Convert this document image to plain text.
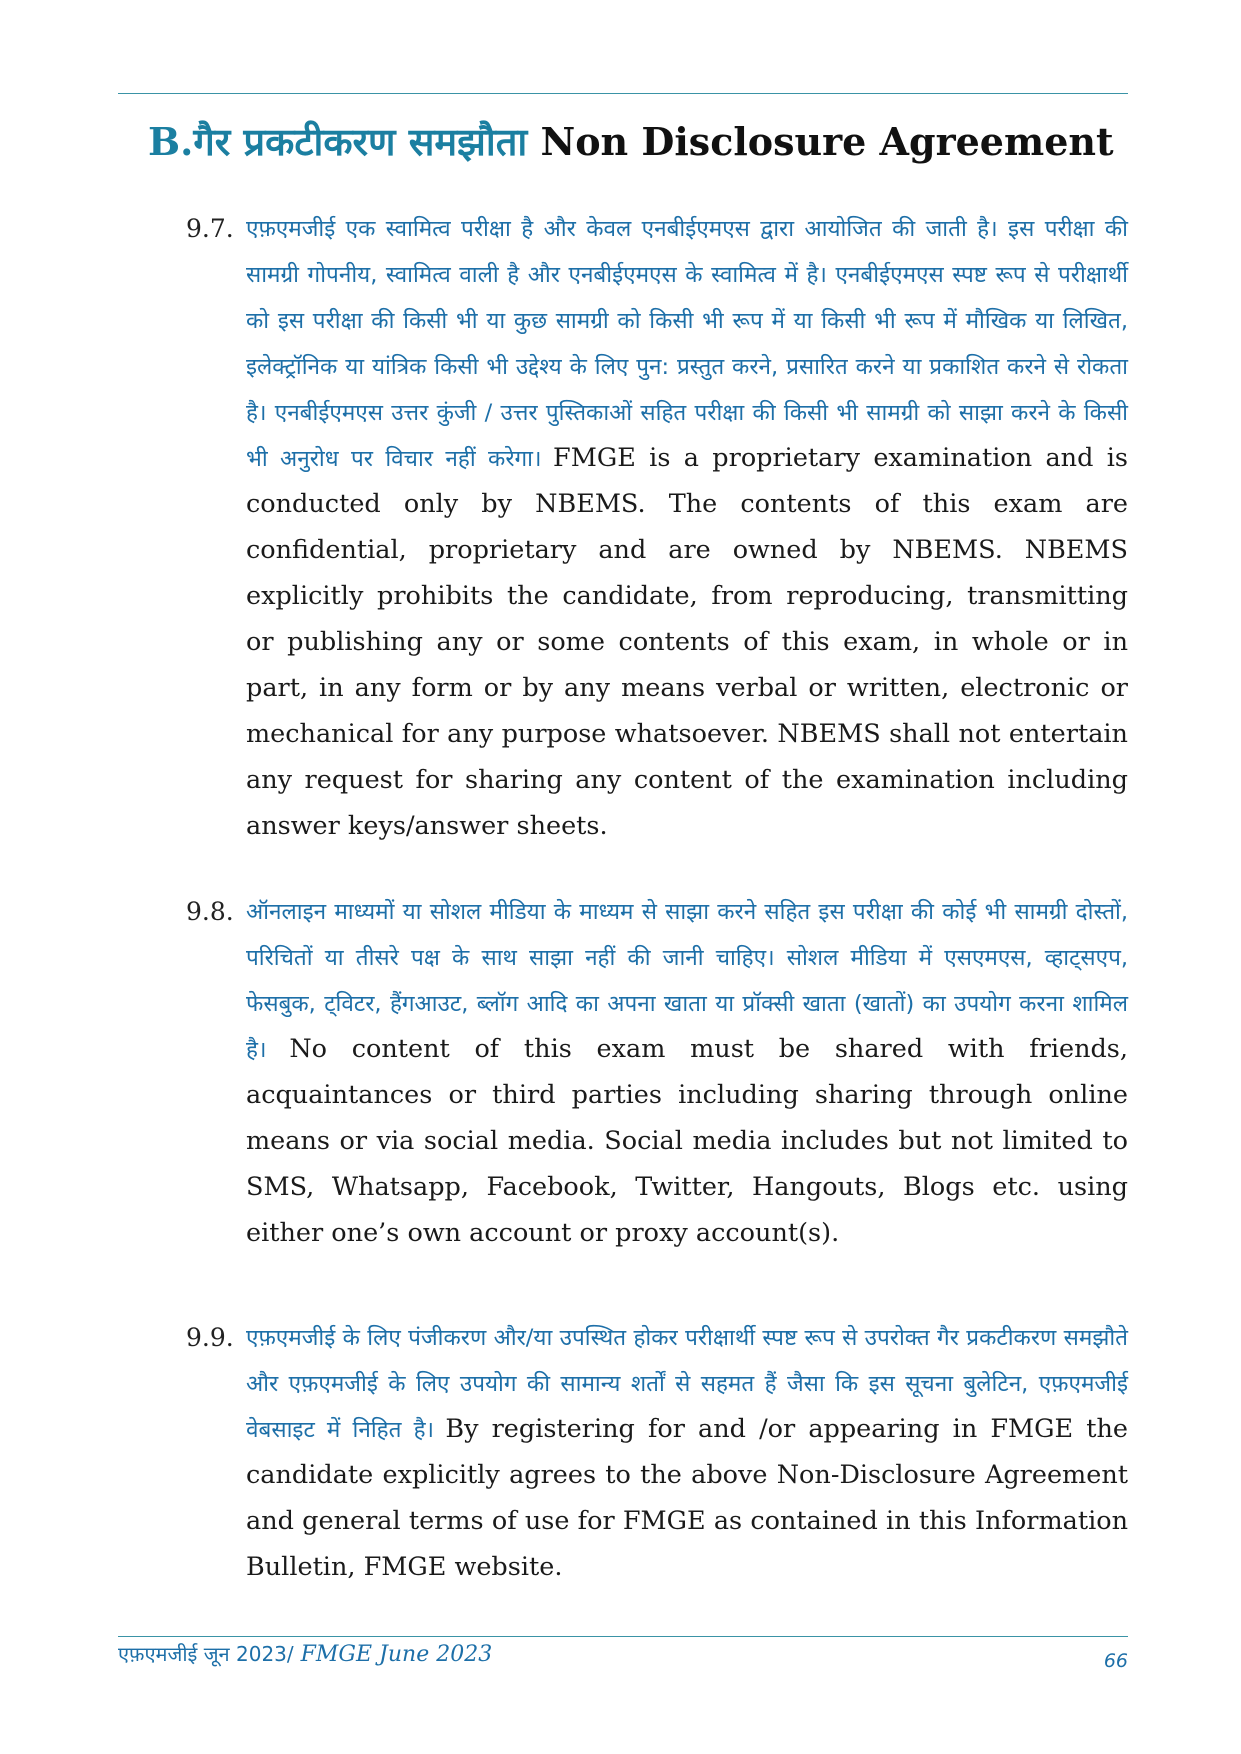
B.गैर प्रकटीकरण समझौता Non Disclosure Agreement
9.7. एफ़एमजीई एक स्वामित्व परीक्षा है और केवल एनबीईएमएस द्वारा आयोजित की जाती है। इस परीक्षा की सामग्री गोपनीय, स्वामित्व वाली है और एनबीईएमएस के स्वामित्व में है। एनबीईएमएस स्पष्ट रूप से परीक्षार्थी को इस परीक्षा की किसी भी या कुछ सामग्री को किसी भी रूप में या किसी भी रूप में मौखिक या लिखित, इलेक्ट्रॉनिक या यांत्रिक किसी भी उद्देश्य के लिए पुन: प्रस्तुत करने, प्रसारित करने या प्रकाशित करने से रोकता है। एनबीईएमएस उत्तर कुंजी / उत्तर पुस्तिकाओं सहित परीक्षा की किसी भी सामग्री को साझा करने के किसी भी अनुरोध पर विचार नहीं करेगा। FMGE is a proprietary examination and is conducted only by NBEMS. The contents of this exam are confidential, proprietary and are owned by NBEMS. NBEMS explicitly prohibits the candidate, from reproducing, transmitting or publishing any or some contents of this exam, in whole or in part, in any form or by any means verbal or written, electronic or mechanical for any purpose whatsoever. NBEMS shall not entertain any request for sharing any content of the examination including answer keys/answer sheets.
9.8. ऑनलाइन माध्यमों या सोशल मीडिया के माध्यम से साझा करने सहित इस परीक्षा की कोई भी सामग्री दोस्तों, परिचितों या तीसरे पक्ष के साथ साझा नहीं की जानी चाहिए। सोशल मीडिया में एसएमएस, व्हाट्सएप, फेसबुक, ट्विटर, हैंगआउट, ब्लॉग आदि का अपना खाता या प्रॉक्सी खाता (खातों) का उपयोग करना शामिल है। No content of this exam must be shared with friends, acquaintances or third parties including sharing through online means or via social media. Social media includes but not limited to SMS, Whatsapp, Facebook, Twitter, Hangouts, Blogs etc. using either one’s own account or proxy account(s).
9.9. एफ़एमजीई के लिए पंजीकरण और/या उपस्थित होकर परीक्षार्थी स्पष्ट रूप से उपरोक्त गैर प्रकटीकरण समझौते और एफ़एमजीई के लिए उपयोग की सामान्य शर्तों से सहमत हैं जैसा कि इस सूचना बुलेटिन, एफ़एमजीई वेबसाइट में निहित है। By registering for and /or appearing in FMGE the candidate explicitly agrees to the above Non-Disclosure Agreement and general terms of use for FMGE as contained in this Information Bulletin, FMGE website.
एफ़एमजीई जून 2023/ FMGE June 2023	66
